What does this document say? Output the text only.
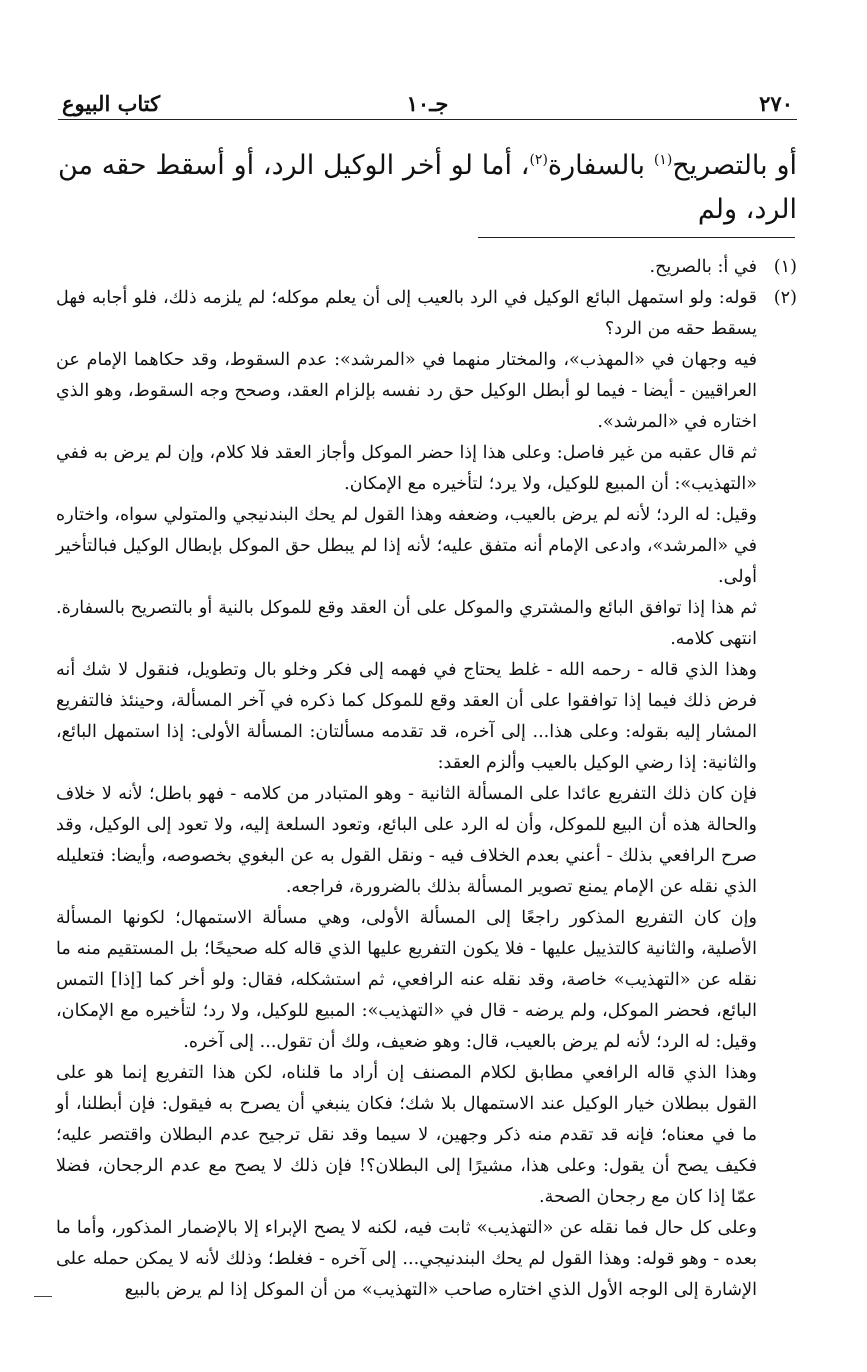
٢٧٠
جـ١٠
كتاب البيوع
أو بالتصريح$^{(١)}$ بالسفارة$^{(٢)}$، أما لو أخر الوكيل الرد، أو أسقط حقه من الرد، ولم
(١)

في أ: بالصريح.

(٢)

قوله: ولو استمهل البائع الوكيل في الرد بالعيب إلى أن يعلم موكله؛ لم يلزمه ذلك، فلو أجابه فهل يسقط حقه من الرد؟

فيه وجهان في «المهذب»، والمختار منهما في «المرشد»: عدم السقوط، وقد حكاهما الإمام عن العراقيين - أيضا - فيما لو أبطل الوكيل حق رد نفسه بإلزام العقد، وصحح وجه السقوط، وهو الذي اختاره في «المرشد».

ثم قال عقبه من غير فاصل: وعلى هذا إذا حضر الموكل وأجاز العقد فلا كلام، وإن لم يرض به ففي «التهذيب»: أن المبيع للوكيل، ولا يرد؛ لتأخيره مع الإمكان.

وقيل: له الرد؛ لأنه لم يرض بالعيب، وضعفه وهذا القول لم يحك البندنيجي والمتولي سواه، واختاره في «المرشد»، وادعى الإمام أنه متفق عليه؛ لأنه إذا لم يبطل حق الموكل بإبطال الوكيل فبالتأخير أولى.

ثم هذا إذا توافق البائع والمشتري والموكل على أن العقد وقع للموكل بالنية أو بالتصريح بالسفارة. انتهى كلامه.

وهذا الذي قاله - رحمه الله - غلط يحتاج في فهمه إلى فكر وخلو بال وتطويل، فنقول لا شك أنه فرض ذلك فيما إذا توافقوا على أن العقد وقع للموكل كما ذكره في آخر المسألة، وحينئذ فالتفريع المشار إليه بقوله: وعلى هذا... إلى آخره، قد تقدمه مسألتان: المسألة الأولى: إذا استمهل البائع، والثانية: إذا رضي الوكيل بالعيب وألزم العقد:

فإن كان ذلك التفريع عائدا على المسألة الثانية - وهو المتبادر من كلامه - فهو باطل؛ لأنه لا خلاف والحالة هذه أن البيع للموكل، وأن له الرد على البائع، وتعود السلعة إليه، ولا تعود إلى الوكيل، وقد صرح الرافعي بذلك - أعني بعدم الخلاف فيه - ونقل القول به عن البغوي بخصوصه، وأيضا: فتعليله الذي نقله عن الإمام يمنع تصوير المسألة بذلك بالضرورة، فراجعه.

وإن كان التفريع المذكور راجعًا إلى المسألة الأولى، وهي مسألة الاستمهال؛ لكونها المسألة الأصلية، والثانية كالتذييل عليها - فلا يكون التفريع عليها الذي قاله كله صحيحًا؛ بل المستقيم منه ما نقله عن «التهذيب» خاصة، وقد نقله عنه الرافعي، ثم استشكله، فقال: ولو أخر كما [إذا] التمس البائع، فحضر الموكل، ولم يرضه - قال في «التهذيب»: المبيع للوكيل، ولا رد؛ لتأخيره مع الإمكان، وقيل: له الرد؛ لأنه لم يرض بالعيب، قال: وهو ضعيف، ولك أن تقول... إلى آخره.

وهذا الذي قاله الرافعي مطابق لكلام المصنف إن أراد ما قلناه، لكن هذا التفريع إنما هو على القول ببطلان خيار الوكيل عند الاستمهال بلا شك؛ فكان ينبغي أن يصرح به فيقول: فإن أبطلنا، أو ما في معناه؛ فإنه قد تقدم منه ذكر وجهين، لا سيما وقد نقل ترجيح عدم البطلان واقتصر عليه؛ فكيف يصح أن يقول: وعلى هذا، مشيرًا إلى البطلان؟! فإن ذلك لا يصح مع عدم الرجحان، فضلا عمّا إذا كان مع رجحان الصحة.

وعلى كل حال فما نقله عن «التهذيب» ثابت فيه، لكنه لا يصح الإبراء إلا بالإضمار المذكور، وأما ما بعده - وهو قوله: وهذا القول لم يحك البندنيجي... إلى آخره - فغلط؛ وذلك لأنه لا يمكن حمله على الإشارة إلى الوجه الأول الذي اختاره صاحب «التهذيب» من أن الموكل إذا لم يرض بالبيع
